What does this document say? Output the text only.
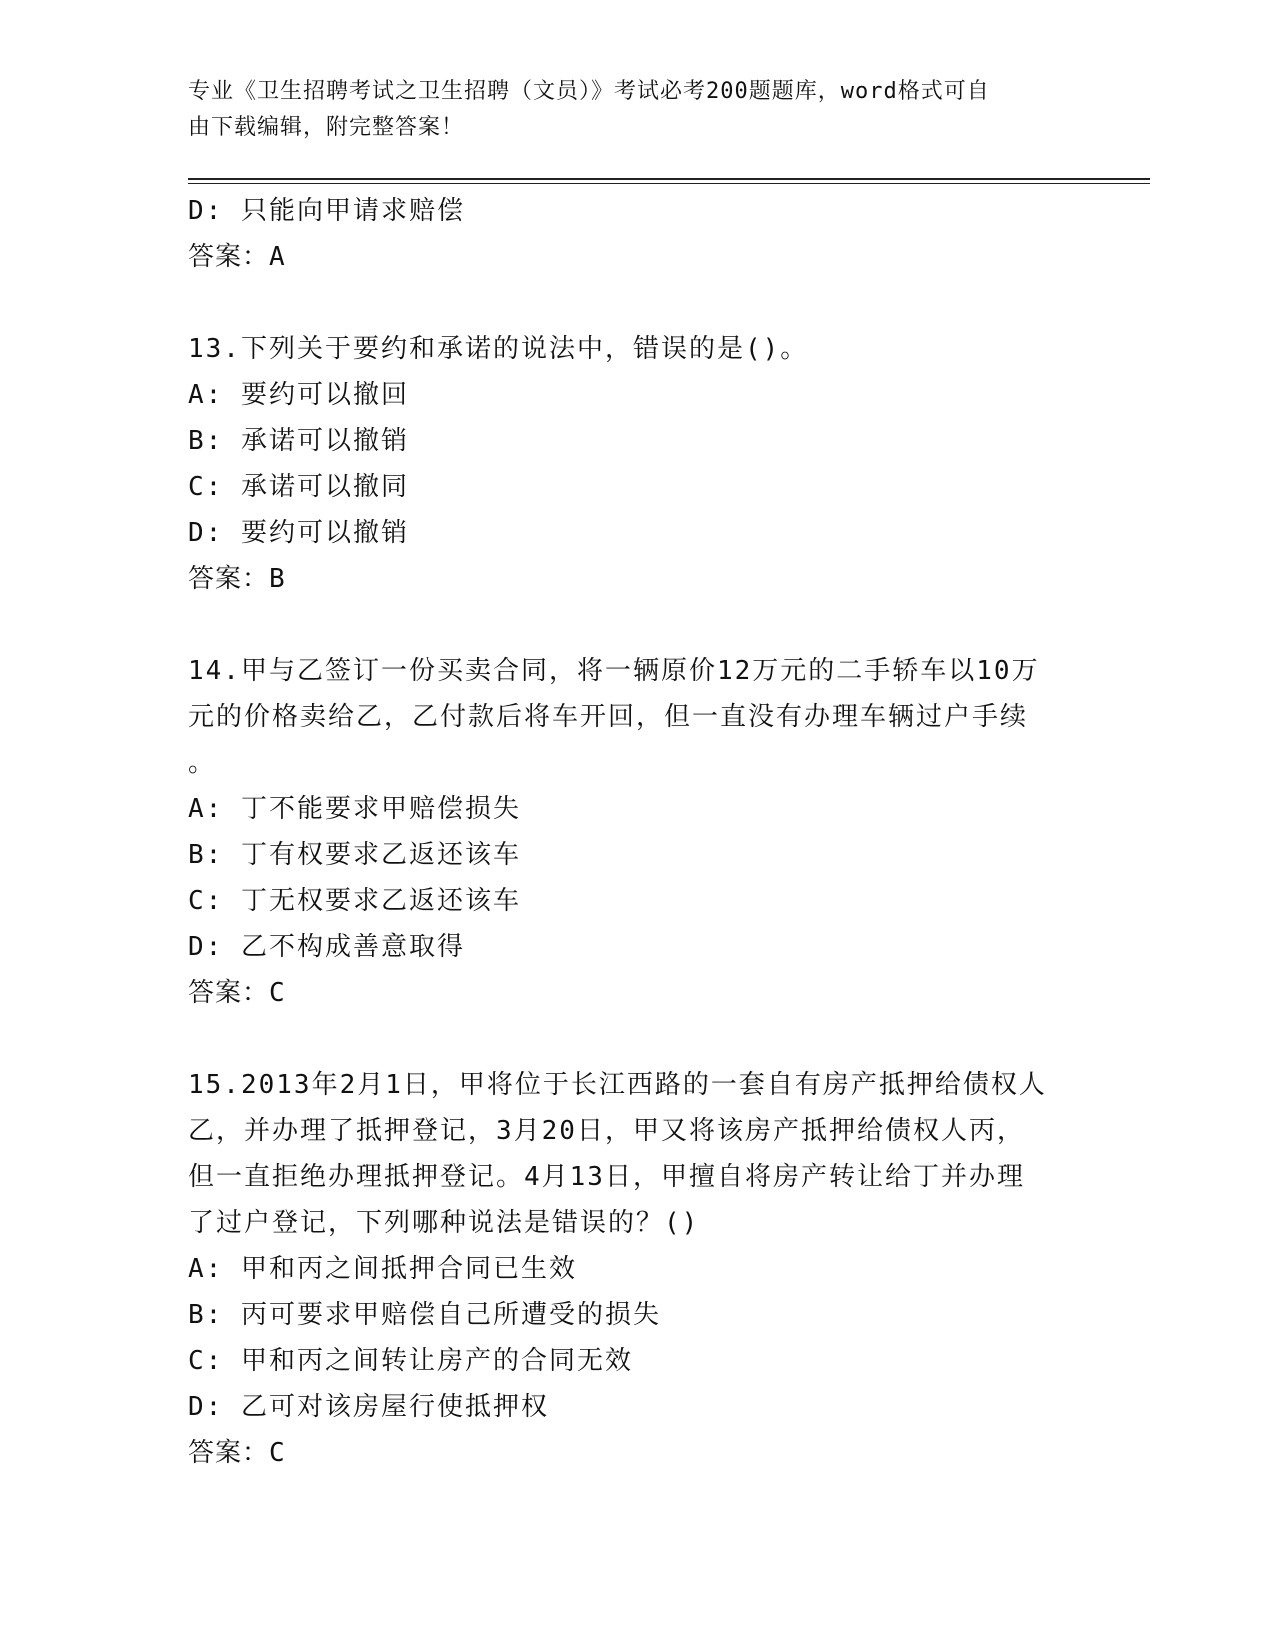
专业《卫生招聘考试之卫生招聘（文员）》考试必考200题题库，word格式可自
由下载编辑，附完整答案！
D: 只能向甲请求赔偿
答案：A
13.下列关于要约和承诺的说法中，错误的是()。
A: 要约可以撤回
B: 承诺可以撤销
C: 承诺可以撤同
D: 要约可以撤销
答案：B
14.甲与乙签订一份买卖合同，将一辆原价12万元的二手轿车以10万
元的价格卖给乙，乙付款后将车开回，但一直没有办理车辆过户手续
。
A: 丁不能要求甲赔偿损失
B: 丁有权要求乙返还该车
C: 丁无权要求乙返还该车
D: 乙不构成善意取得
答案：C
15.2013年2月1日，甲将位于长江西路的一套自有房产抵押给债权人
乙，并办理了抵押登记，3月20日，甲又将该房产抵押给债权人丙，
但一直拒绝办理抵押登记。4月13日，甲擅自将房产转让给丁并办理
了过户登记，下列哪种说法是错误的？()
A: 甲和丙之间抵押合同已生效
B: 丙可要求甲赔偿自己所遭受的损失
C: 甲和丙之间转让房产的合同无效
D: 乙可对该房屋行使抵押权
答案：C
